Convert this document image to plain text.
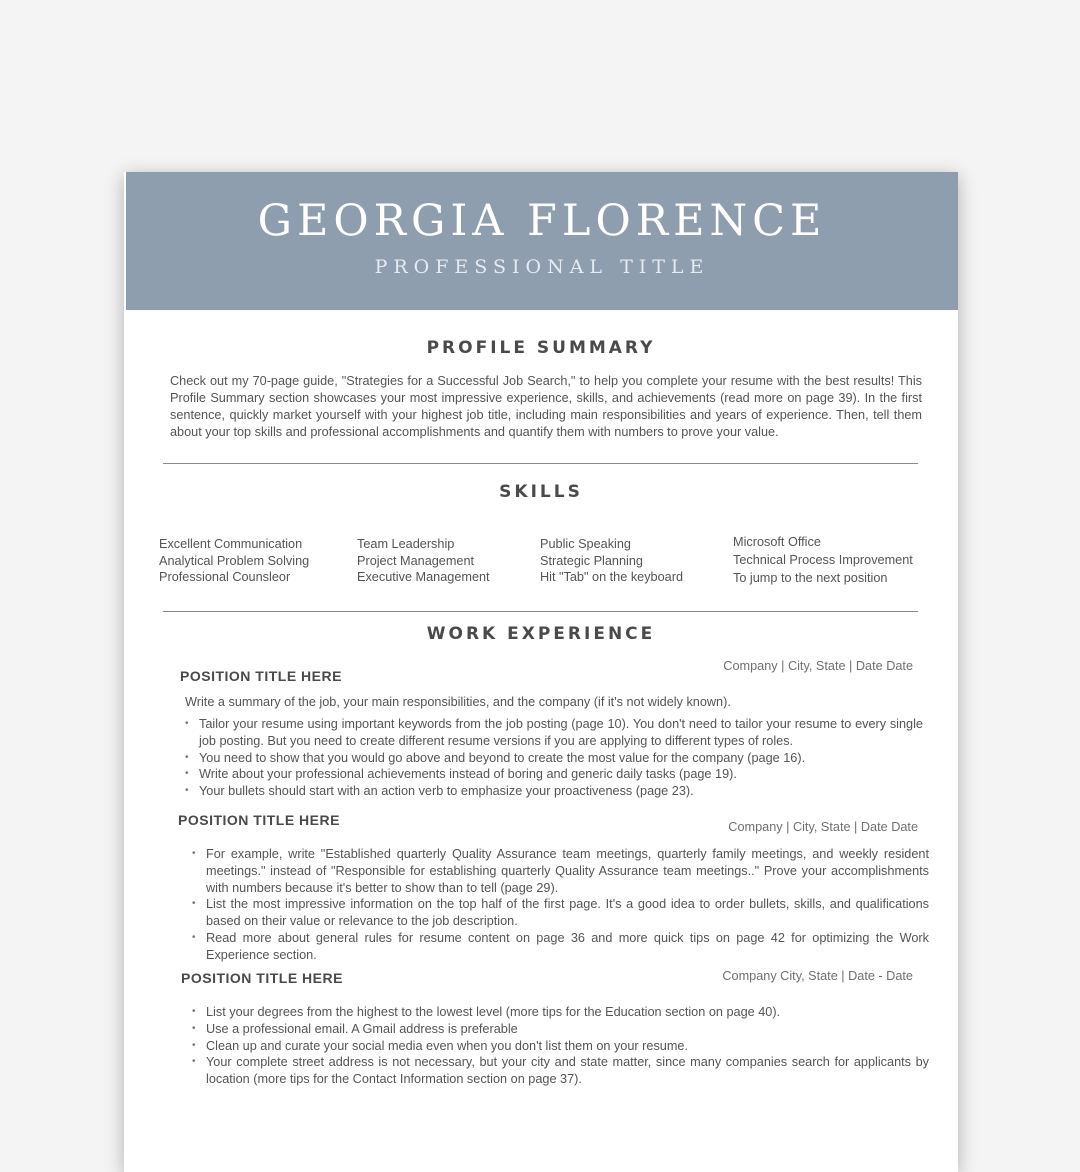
GEORGIA FLORENCE
PROFESSIONAL TITLE
PROFILE SUMMARY
Check out my 70-page guide, "Strategies for a Successful Job Search," to help you complete your resume with the best results! This Profile Summary section showcases your most impressive experience, skills, and achievements (read more on page 39). In the first sentence, quickly market yourself with your highest job title, including main responsibilities and years of experience. Then, tell them about your top skills and professional accomplishments and quantify them with numbers to prove your value.
SKILLS
Excellent Communication
Analytical Problem Solving
Professional Counsleor
Team Leadership
Project Management
Executive Management
Public Speaking
Strategic Planning
Hit "Tab" on the keyboard
Microsoft Office
Technical Process Improvement
To jump to the next position
WORK EXPERIENCE
POSITION TITLE HERE
Company | City, State | Date Date
Write a summary of the job, your main responsibilities, and the company (if it's not widely known).
• Tailor your resume using important keywords from the job posting (page 10). You don't need to tailor your resume to every single job posting. But you need to create different resume versions if you are applying to different types of roles.
• You need to show that you would go above and beyond to create the most value for the company (page 16).
• Write about your professional achievements instead of boring and generic daily tasks (page 19).
• Your bullets should start with an action verb to emphasize your proactiveness (page 23).
POSITION TITLE HERE	Company | City, State | Date Date
• For example, write "Established quarterly Quality Assurance team meetings, quarterly family meetings, and weekly resident meetings." instead of "Responsible for establishing quarterly Quality Assurance team meetings.." Prove your accomplishments with numbers because it's better to show than to tell (page 29).
• List the most impressive information on the top half of the first page. It's a good idea to order bullets, skills, and qualifications based on their value or relevance to the job description.
• Read more about general rules for resume content on page 36 and more quick tips on page 42 for optimizing the Work Experience section.
POSITION TITLE HERE	Company City, State | Date - Date
• List your degrees from the highest to the lowest level (more tips for the Education section on page 40).
• Use a professional email. A Gmail address is preferable
• Clean up and curate your social media even when you don't list them on your resume.
• Your complete street address is not necessary, but your city and state matter, since many companies search for applicants by location (more tips for the Contact Information section on page 37).
